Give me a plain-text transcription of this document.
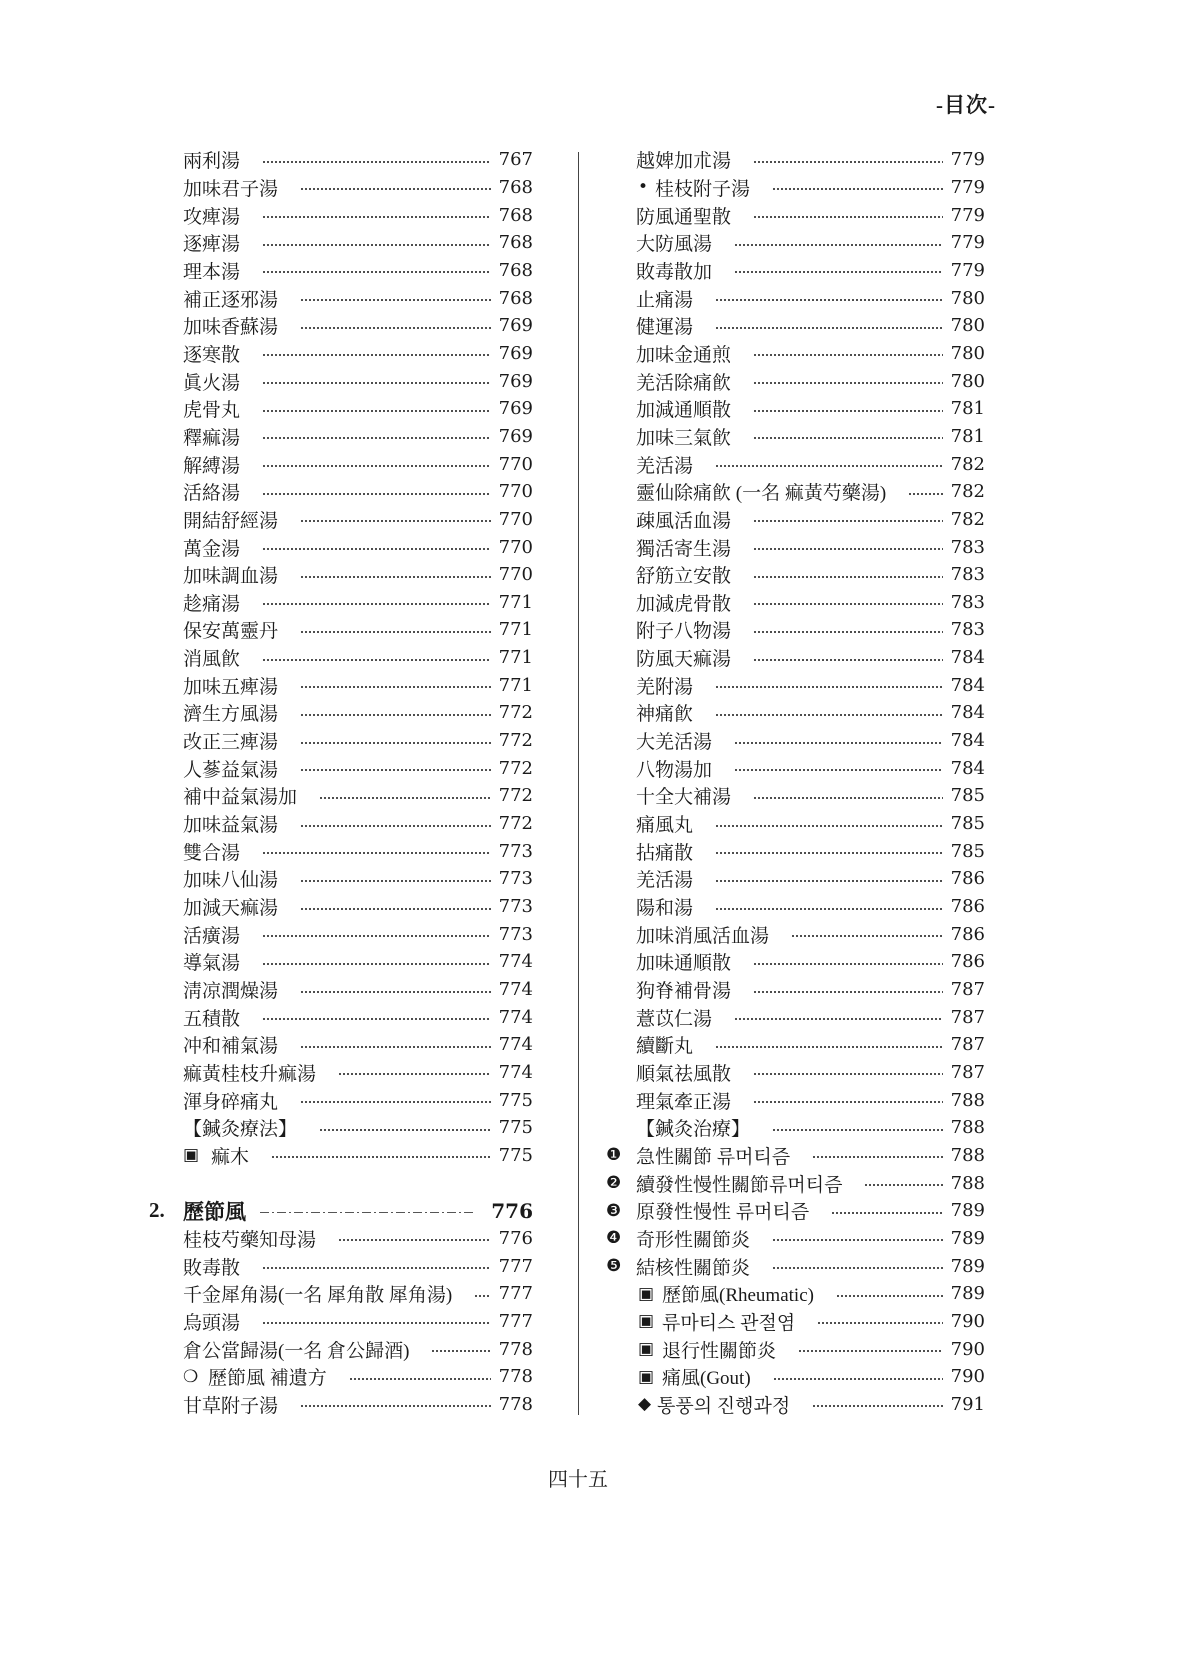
-目次-
兩利湯	767
加味君子湯	768
攻痺湯	768
逐痺湯	768
理本湯	768
補正逐邪湯	768
加味香蘇湯	769
逐寒散	769
眞火湯	769
虎骨丸	769
釋痲湯	769
解縛湯	770
活絡湯	770
開結舒經湯	770
萬金湯	770
加味調血湯	770
趁痛湯	771
保安萬靈丹	771
消風飮	771
加味五痺湯	771
濟生方風湯	772
改正三痺湯	772
人蔘益氣湯	772
補中益氣湯加	772
加味益氣湯	772
雙合湯	773
加味八仙湯	773
加減天痲湯	773
活癀湯	773
導氣湯	774
淸凉潤燥湯	774
五積散	774
冲和補氣湯	774
痲黃桂枝升痲湯	774
渾身碎痛丸	775
【鍼灸療法】	775
▣ 痲木	775
2. 歷節風	776
桂枝芍藥知母湯	776
敗毒散	777
千金犀角湯(一名 犀角散 犀角湯)	777
烏頭湯	777
倉公當歸湯(一名 倉公歸酒)	778
❍ 歷節風 補遺方	778
甘草附子湯	778
越婢加朮湯	779
• 桂枝附子湯	779
防風通聖散	779
大防風湯	779
敗毒散加	779
止痛湯	780
健運湯	780
加味金通煎	780
羌活除痛飮	780
加減通順散	781
加味三氣飮	781
羌活湯	782
靈仙除痛飮 (一名 痲黃芍藥湯)	782
疎風活血湯	782
獨活寄生湯	783
舒筋立安散	783
加減虎骨散	783
附子八物湯	783
防風天痲湯	784
羌附湯	784
神痛飮	784
大羌活湯	784
八物湯加	784
十全大補湯	785
痛風丸	785
拈痛散	785
羌活湯	786
陽和湯	786
加味消風活血湯	786
加味通順散	786
狗脊補骨湯	787
薏苡仁湯	787
續斷丸	787
順氣祛風散	787
理氣牽正湯	788
【鍼灸治療】	788
❶ 急性關節 류머티즘	788
❷ 續發性慢性關節류머티즘	788
❸ 原發性慢性 류머티즘	789
❹ 奇形性關節炎	789
❺ 結核性關節炎	789
▣ 歷節風(Rheumatic)	789
▣ 류마티스 관절염	790
▣ 退行性關節炎	790
▣ 痛風(Gout)	790
◆ 통풍의 진행과정	791
四十五
